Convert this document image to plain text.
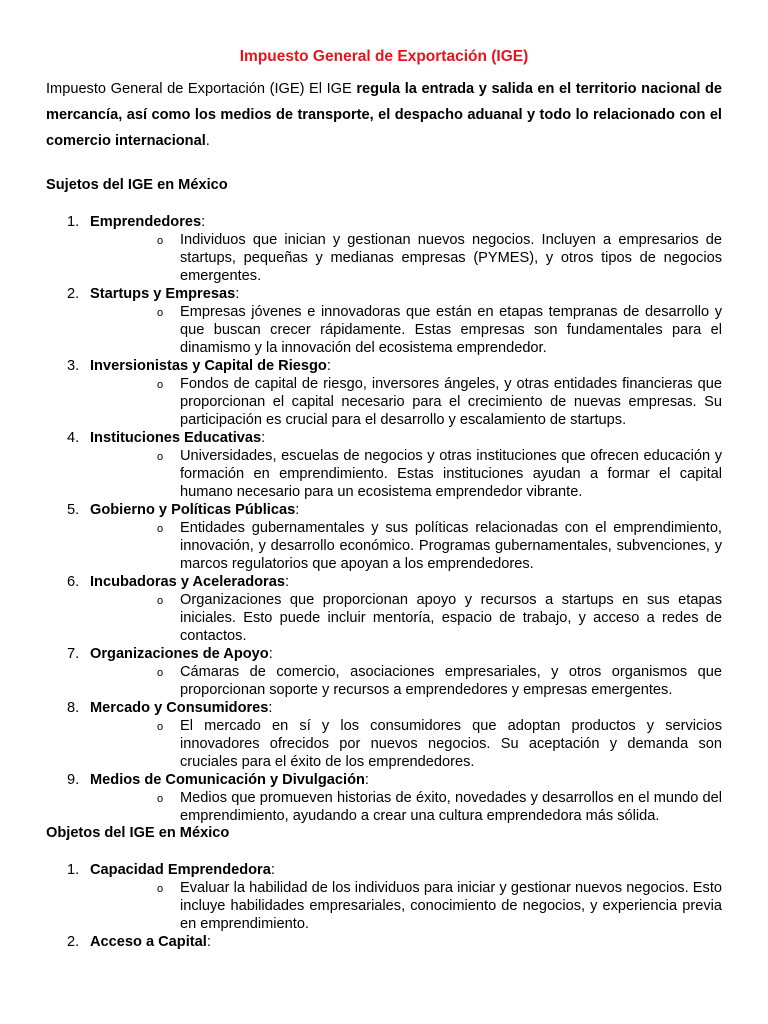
Impuesto General de Exportación (IGE)

Impuesto General de Exportación (IGE) El IGE regula la entrada y salida en el territorio nacional de mercancía, así como los medios de transporte, el despacho aduanal y todo lo relacionado con el comercio internacional.

Sujetos del IGE en México
1. Emprendedores:
o Individuos que inician y gestionan nuevos negocios. Incluyen a empresarios de startups, pequeñas y medianas empresas (PYMES), y otros tipos de negocios emergentes.
2. Startups y Empresas:
o Empresas jóvenes e innovadoras que están en etapas tempranas de desarrollo y que buscan crecer rápidamente. Estas empresas son fundamentales para el dinamismo y la innovación del ecosistema emprendedor.
3. Inversionistas y Capital de Riesgo:
o Fondos de capital de riesgo, inversores ángeles, y otras entidades financieras que proporcionan el capital necesario para el crecimiento de nuevas empresas. Su participación es crucial para el desarrollo y escalamiento de startups.
4. Instituciones Educativas:
o Universidades, escuelas de negocios y otras instituciones que ofrecen educación y formación en emprendimiento. Estas instituciones ayudan a formar el capital humano necesario para un ecosistema emprendedor vibrante.
5. Gobierno y Políticas Públicas:
o Entidades gubernamentales y sus políticas relacionadas con el emprendimiento, innovación, y desarrollo económico. Programas gubernamentales, subvenciones, y marcos regulatorios que apoyan a los emprendedores.
6. Incubadoras y Aceleradoras:
o Organizaciones que proporcionan apoyo y recursos a startups en sus etapas iniciales. Esto puede incluir mentoría, espacio de trabajo, y acceso a redes de contactos.
7. Organizaciones de Apoyo:
o Cámaras de comercio, asociaciones empresariales, y otros organismos que proporcionan soporte y recursos a emprendedores y empresas emergentes.
8. Mercado y Consumidores:
o El mercado en sí y los consumidores que adoptan productos y servicios innovadores ofrecidos por nuevos negocios. Su aceptación y demanda son cruciales para el éxito de los emprendedores.
9. Medios de Comunicación y Divulgación:
o Medios que promueven historias de éxito, novedades y desarrollos en el mundo del emprendimiento, ayudando a crear una cultura emprendedora más sólida.
Objetos del IGE en México
1. Capacidad Emprendedora:
o Evaluar la habilidad de los individuos para iniciar y gestionar nuevos negocios. Esto incluye habilidades empresariales, conocimiento de negocios, y experiencia previa en emprendimiento.
2. Acceso a Capital:
